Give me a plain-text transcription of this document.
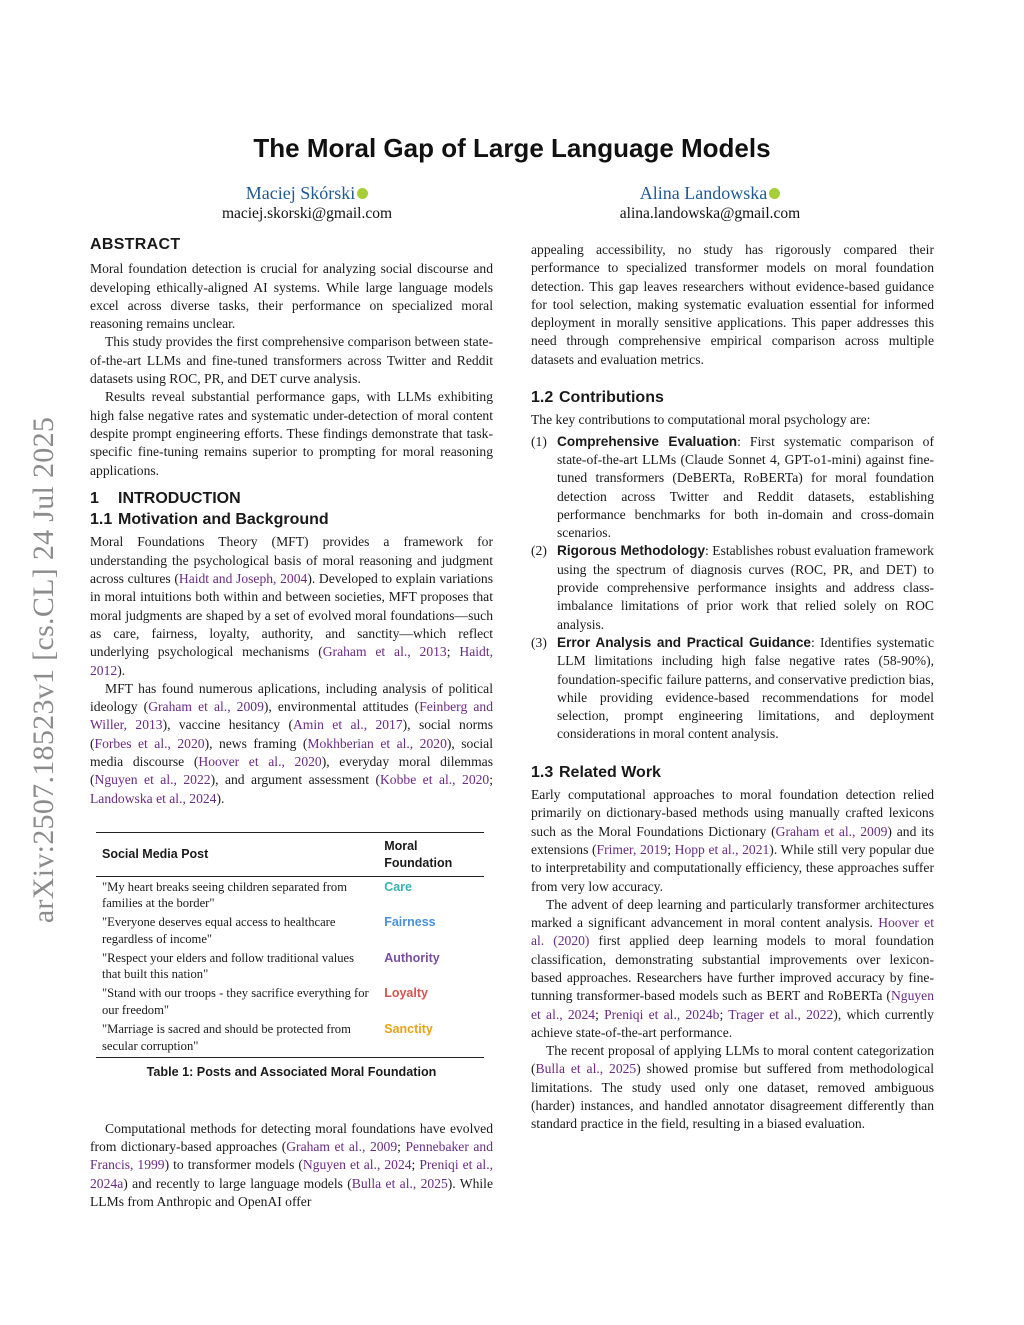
arXiv:2507.18523v1 [cs.CL] 24 Jul 2025
The Moral Gap of Large Language Models
Maciej Skórski
maciej.skorski@gmail.com
Alina Landowska
alina.landowska@gmail.com
ABSTRACT

Moral foundation detection is crucial for analyzing social discourse and developing ethically-aligned AI systems. While large language models excel across diverse tasks, their performance on specialized moral reasoning remains unclear.

This study provides the first comprehensive comparison between state-of-the-art LLMs and fine-tuned transformers across Twitter and Reddit datasets using ROC, PR, and DET curve analysis.

Results reveal substantial performance gaps, with LLMs exhibiting high false negative rates and systematic under-detection of moral content despite prompt engineering efforts. These findings demonstrate that task-specific fine-tuning remains superior to prompting for moral reasoning applications.

1 INTRODUCTION
1.1 Motivation and Background

Moral Foundations Theory (MFT) provides a framework for understanding the psychological basis of moral reasoning and judgment across cultures (Haidt and Joseph, 2004). Developed to explain variations in moral intuitions both within and between societies, MFT proposes that moral judgments are shaped by a set of evolved moral foundations—such as care, fairness, loyalty, authority, and sanctity—which reflect underlying psychological mechanisms (Graham et al., 2013; Haidt, 2012).

MFT has found numerous aplications, including analysis of political ideology (Graham et al., 2009), environmental attitudes (Feinberg and Willer, 2013), vaccine hesitancy (Amin et al., 2017), social norms (Forbes et al., 2020), news framing (Mokhberian et al., 2020), social media discourse (Hoover et al., 2020), everyday moral dilemmas (Nguyen et al., 2022), and argument assessment (Kobbe et al., 2020; Landowska et al., 2024).

Social Media Post	Moral Foundation
"My heart breaks seeing children separated from families at the border"	Care
"Everyone deserves equal access to healthcare regardless of income"	Fairness
"Respect your elders and follow traditional values that built this nation"	Authority
"Stand with our troops - they sacrifice everything for our freedom"	Loyalty
"Marriage is sacred and should be protected from secular corruption"	Sanctity
Table 1: Posts and Associated Moral Foundation

Computational methods for detecting moral foundations have evolved from dictionary-based approaches (Graham et al., 2009; Pennebaker and Francis, 1999) to transformer models (Nguyen et al., 2024; Preniqi et al., 2024a) and recently to large language models (Bulla et al., 2025). While LLMs from Anthropic and OpenAI offer

appealing accessibility, no study has rigorously compared their performance to specialized transformer models on moral foundation detection. This gap leaves researchers without evidence-based guidance for tool selection, making systematic evaluation essential for informed deployment in morally sensitive applications. This paper addresses this need through comprehensive empirical comparison across multiple datasets and evaluation metrics.

1.2 Contributions

The key contributions to computational moral psychology are:

(1) Comprehensive Evaluation: First systematic comparison of state-of-the-art LLMs (Claude Sonnet 4, GPT-o1-mini) against fine-tuned transformers (DeBERTa, RoBERTa) for moral foundation detection across Twitter and Reddit datasets, establishing performance benchmarks for both in-domain and cross-domain scenarios.
(2) Rigorous Methodology: Establishes robust evaluation framework using the spectrum of diagnosis curves (ROC, PR, and DET) to provide comprehensive performance insights and address class-imbalance limitations of prior work that relied solely on ROC analysis.
(3) Error Analysis and Practical Guidance: Identifies systematic LLM limitations including high false negative rates (58-90%), foundation-specific failure patterns, and conservative prediction bias, while providing evidence-based recommendations for model selection, prompt engineering limitations, and deployment considerations in moral content analysis.
1.3 Related Work

Early computational approaches to moral foundation detection relied primarily on dictionary-based methods using manually crafted lexicons such as the Moral Foundations Dictionary (Graham et al., 2009) and its extensions (Frimer, 2019; Hopp et al., 2021). While still very popular due to interpretability and computationally efficiency, these approaches suffer from very low accuracy.

The advent of deep learning and particularly transformer architectures marked a significant advancement in moral content analysis. Hoover et al. (2020) first applied deep learning models to moral foundation classification, demonstrating substantial improvements over lexicon-based approaches. Researchers have further improved accuracy by fine-tunning transformer-based models such as BERT and RoBERTa (Nguyen et al., 2024; Preniqi et al., 2024b; Trager et al., 2022), which currently achieve state-of-the-art performance.

The recent proposal of applying LLMs to moral content categorization (Bulla et al., 2025) showed promise but suffered from methodological limitations. The study used only one dataset, removed ambiguous (harder) instances, and handled annotator disagreement differently than standard practice in the field, resulting in a biased evaluation.
